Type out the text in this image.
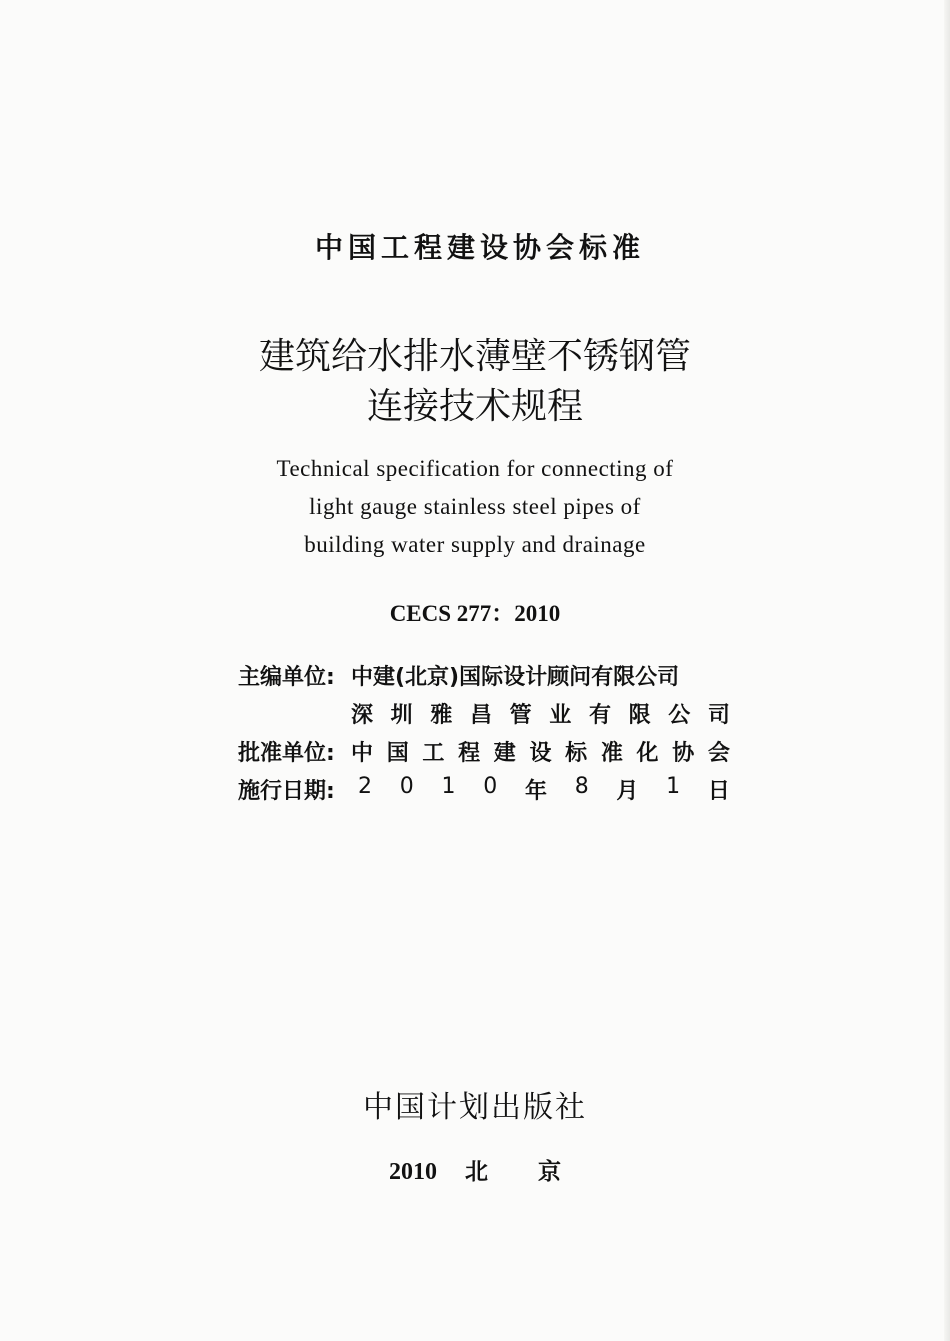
中国工程建设协会标准
建筑给水排水薄壁不锈钢管
连接技术规程
Technical specification for connecting of
light gauge stainless steel pipes of
building water supply and drainage
CECS 277：2010
主编单位: 中建(北京)国际设计顾问有限公司
深 圳 雅 昌 管 业 有 限 公 司
批准单位: 中 国 工 程 建 设 标 准 化 协 会
施行日期: 2 0 1 0 年 8 月 1 日
中国计划出版社
2010 北 京
